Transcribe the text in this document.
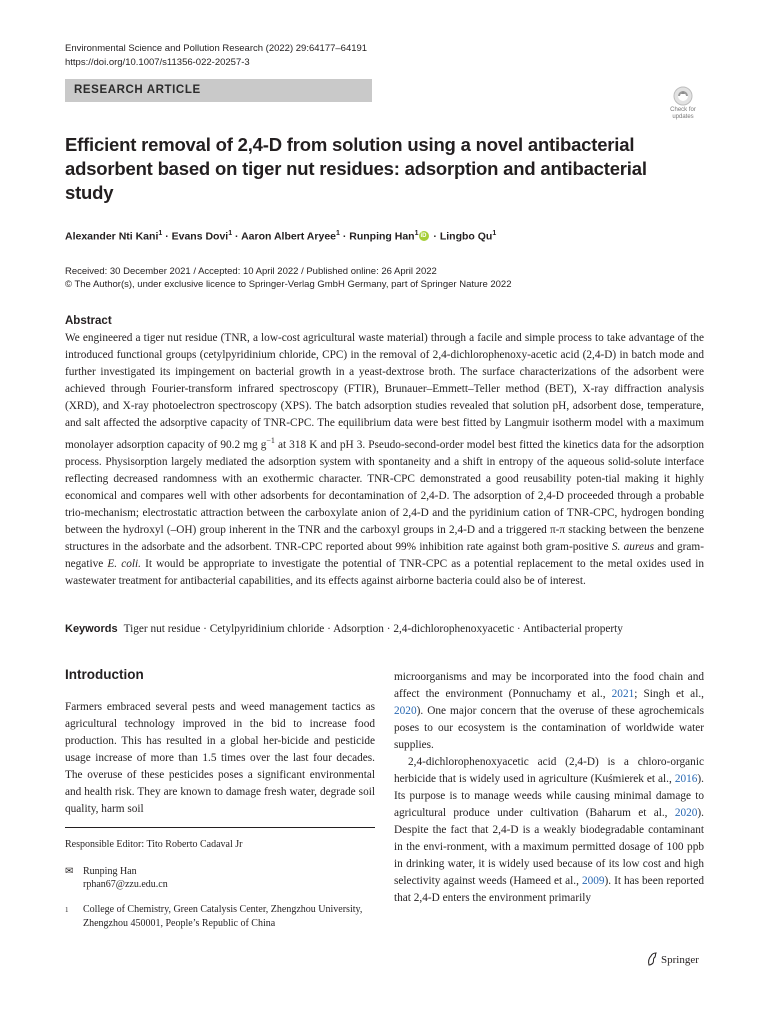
Environmental Science and Pollution Research (2022) 29:64177–64191
https://doi.org/10.1007/s11356-022-20257-3
RESEARCH ARTICLE
Check for updates
Efficient removal of 2,4-D from solution using a novel antibacterial adsorbent based on tiger nut residues: adsorption and antibacterial study
Alexander Nti Kani$^1$ · Evans Dovi$^1$ · Aaron Albert Aryee$^1$ · Runping Han$^1$iD · Lingbo Qu$^1$
Received: 30 December 2021 / Accepted: 10 April 2022 / Published online: 26 April 2022
© The Author(s), under exclusive licence to Springer-Verlag GmbH Germany, part of Springer Nature 2022
Abstract
We engineered a tiger nut residue (TNR, a low-cost agricultural waste material) through a facile and simple process to take advantage of the introduced functional groups (cetylpyridinium chloride, CPC) in the removal of 2,4-dichlorophenoxy-acetic acid (2,4-D) in batch mode and further investigated its impingement on bacterial growth in a yeast-dextrose broth. The surface characterizations of the adsorbent were achieved through Fourier-transform infrared spectroscopy (FTIR), Brunauer–Emmett–Teller method (BET), X-ray diffraction analysis (XRD), and X-ray photoelectron spectroscopy (XPS). The batch adsorption studies revealed that solution pH, adsorbent dose, temperature, and salt affected the adsorptive capacity of TNR-CPC. The equilibrium data were best fitted by Langmuir isotherm model with a maximum monolayer adsorption capacity of 90.2 mg $g^{-1}$ at 318 K and pH 3. Pseudo-second-order model best fitted the kinetics data for the adsorption process. Physisorption largely mediated the adsorption system with spontaneity and a shift in entropy of the aqueous solid-solute interface reflecting decreased randomness with an exothermic character. TNR-CPC demonstrated a good reusability poten-tial making it highly economical and compares well with other adsorbents for decontamination of 2,4-D. The adsorption of 2,4-D proceeded through a probable trio-mechanism; electrostatic attraction between the carboxylate anion of 2,4-D and the pyridinium cation of TNR-CPC, hydrogen bonding between the hydroxyl (–OH) group inherent in the TNR and the carboxyl groups in 2,4-D and a triggered π-π stacking between the benzene structures in the adsorbate and the adsorbent. TNR-CPC reported about 99% inhibition rate against both gram-positive S. aureus and gram-negative E. coli. It would be appropriate to investigate the potential of TNR-CPC as a potential replacement to the metal oxides used in wastewater treatment for antibacterial capabilities, and its effects against airborne bacteria could also be of interest.
Keywords Tiger nut residue · Cetylpyridinium chloride · Adsorption · 2,4-dichlorophenoxyacetic · Antibacterial property
Introduction

Farmers embraced several pests and weed management tactics as agricultural technology improved in the bid to increase food production. This has resulted in a global her-bicide and pesticide usage increase of more than 1.5 times over the last four decades. The overuse of these pesticides poses a significant environmental and health risk. They are known to damage fresh water, degrade soil quality, harm soil

microorganisms and may be incorporated into the food chain and affect the environment (Ponnuchamy et al., 2021; Singh et al., 2020). One major concern that the overuse of these agrochemicals poses to our ecosystem is the contamination of worldwide water supplies.

2,4-dichlorophenoxyacetic acid (2,4-D) is a chloro-organic herbicide that is widely used in agriculture (Kuśmierek et al., 2016). Its purpose is to manage weeds while causing minimal damage to agricultural produce under cultivation (Baharum et al., 2020). Despite the fact that 2,4-D is a weakly biodegradable contaminant in the envi-ronment, with a maximum permitted dosage of 100 ppb in drinking water, it is widely used because of its low cost and high selectivity against weeds (Hameed et al., 2009). It has been reported that 2,4-D enters the environment primarily

Responsible Editor: Tito Roberto Cadaval Jr
✉ Runping Han
rphan67@zzu.edu.cn
1 College of Chemistry, Green Catalysis Center, Zhengzhou University, Zhengzhou 450001, People’s Republic of China
Springer
